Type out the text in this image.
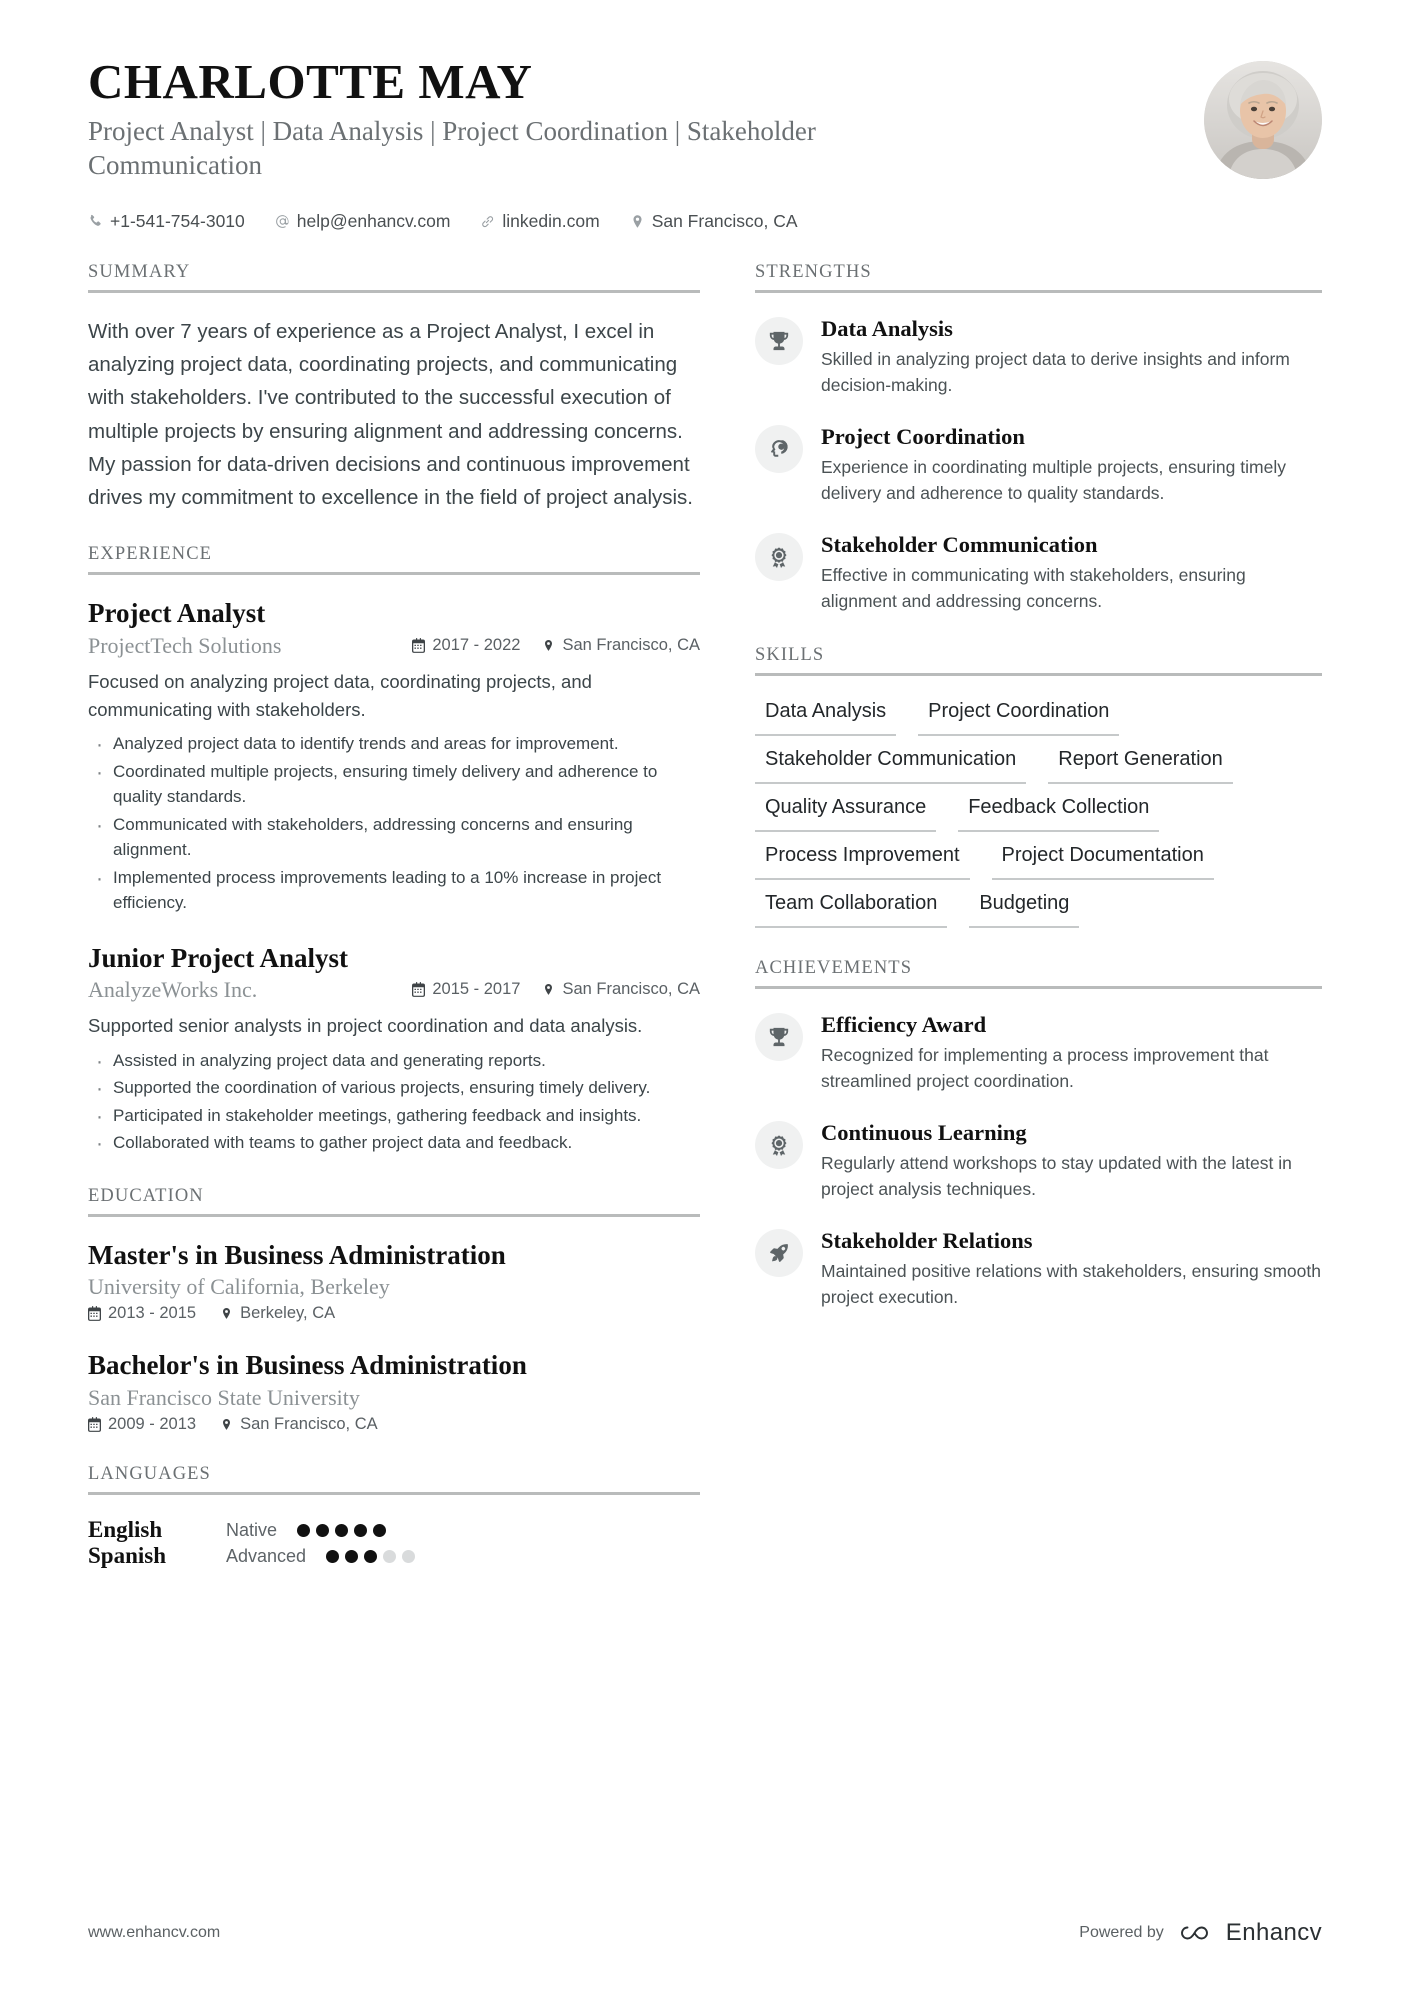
CHARLOTTE MAY
Project Analyst | Data Analysis | Project Coordination | Stakeholder Communication
+1-541-754-3010	help@enhancv.com	linkedin.com	San Francisco, CA
SUMMARY
With over 7 years of experience as a Project Analyst, I excel in analyzing project data, coordinating projects, and communicating with stakeholders. I've contributed to the successful execution of multiple projects by ensuring alignment and addressing concerns. My passion for data-driven decisions and continuous improvement drives my commitment to excellence in the field of project analysis.
EXPERIENCE
Project Analyst
ProjectTech Solutions	2017 - 2022	San Francisco, CA
Focused on analyzing project data, coordinating projects, and communicating with stakeholders.
· Analyzed project data to identify trends and areas for improvement.
· Coordinated multiple projects, ensuring timely delivery and adherence to quality standards.
· Communicated with stakeholders, addressing concerns and ensuring alignment.
· Implemented process improvements leading to a 10% increase in project efficiency.
Junior Project Analyst
AnalyzeWorks Inc.	2015 - 2017	San Francisco, CA
Supported senior analysts in project coordination and data analysis.
· Assisted in analyzing project data and generating reports.
· Supported the coordination of various projects, ensuring timely delivery.
· Participated in stakeholder meetings, gathering feedback and insights.
· Collaborated with teams to gather project data and feedback.
EDUCATION
Master's in Business Administration
University of California, Berkeley
2013 - 2015	Berkeley, CA
Bachelor's in Business Administration
San Francisco State University
2009 - 2013	San Francisco, CA
LANGUAGES
English	Native
Spanish	Advanced
STRENGTHS
Data Analysis
Skilled in analyzing project data to derive insights and inform decision-making.
Project Coordination
Experience in coordinating multiple projects, ensuring timely delivery and adherence to quality standards.
Stakeholder Communication
Effective in communicating with stakeholders, ensuring alignment and addressing concerns.
SKILLS
Data Analysis	Project Coordination
Stakeholder Communication	Report Generation
Quality Assurance	Feedback Collection
Process Improvement	Project Documentation
Team Collaboration	Budgeting
ACHIEVEMENTS
Efficiency Award
Recognized for implementing a process improvement that streamlined project coordination.
Continuous Learning
Regularly attend workshops to stay updated with the latest in project analysis techniques.
Stakeholder Relations
Maintained positive relations with stakeholders, ensuring smooth project execution.
www.enhancv.com	Powered by	Enhancv
